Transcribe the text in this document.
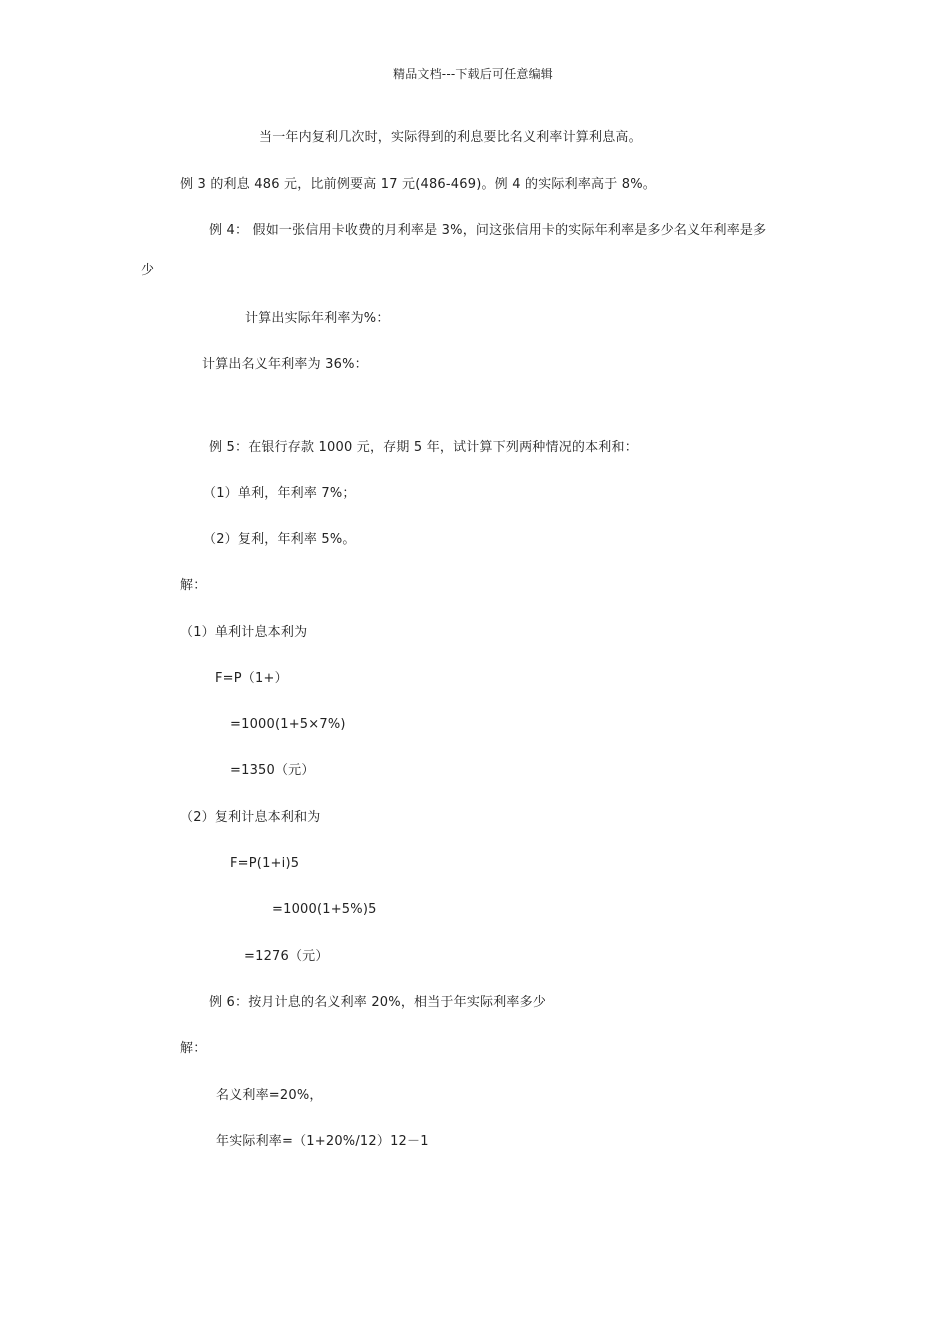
精品文档---下载后可任意编辑
当一年内复利几次时，实际得到的利息要比名义利率计算利息高。
例 3 的利息 486 元，比前例要高 17 元(486-469)。例 4 的实际利率高于 8%。
例 4： 假如一张信用卡收费的月利率是 3%，问这张信用卡的实际年利率是多少名义年利率是多
少
计算出实际年利率为%：
计算出名义年利率为 36%：
例 5：在银行存款 1000 元，存期 5 年，试计算下列两种情况的本利和：
（1）单利，年利率 7%；
（2）复利，年利率 5%。
解：
（1）单利计息本利为
F=P（1+）
=1000(1+5×7%)
=1350（元）
（2）复利计息本利和为
F=P(1+i)5
=1000(1+5%)5
=1276（元）
例 6：按月计息的名义利率 20%，相当于年实际利率多少
解：
名义利率=20%，
年实际利率=（1+20%/12）12－1
